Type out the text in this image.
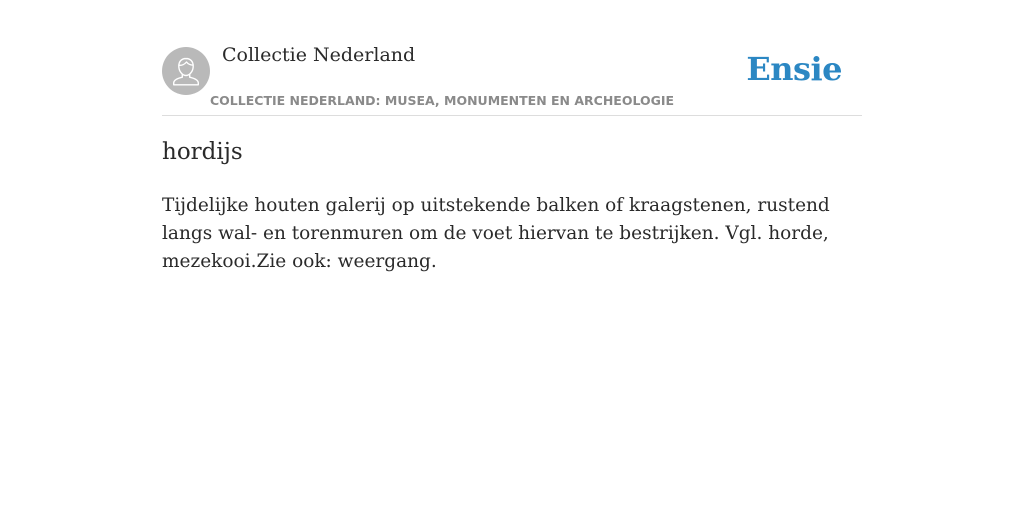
Collectie Nederland	Ensie
COLLECTIE NEDERLAND: MUSEA, MONUMENTEN EN ARCHEOLOGIE
hordijs

Tijdelijke houten galerij op uitstekende balken of kraagstenen, rustend langs wal- en torenmuren om de voet hiervan te bestrijken. Vgl. horde, mezekooi.Zie ook: weergang.
